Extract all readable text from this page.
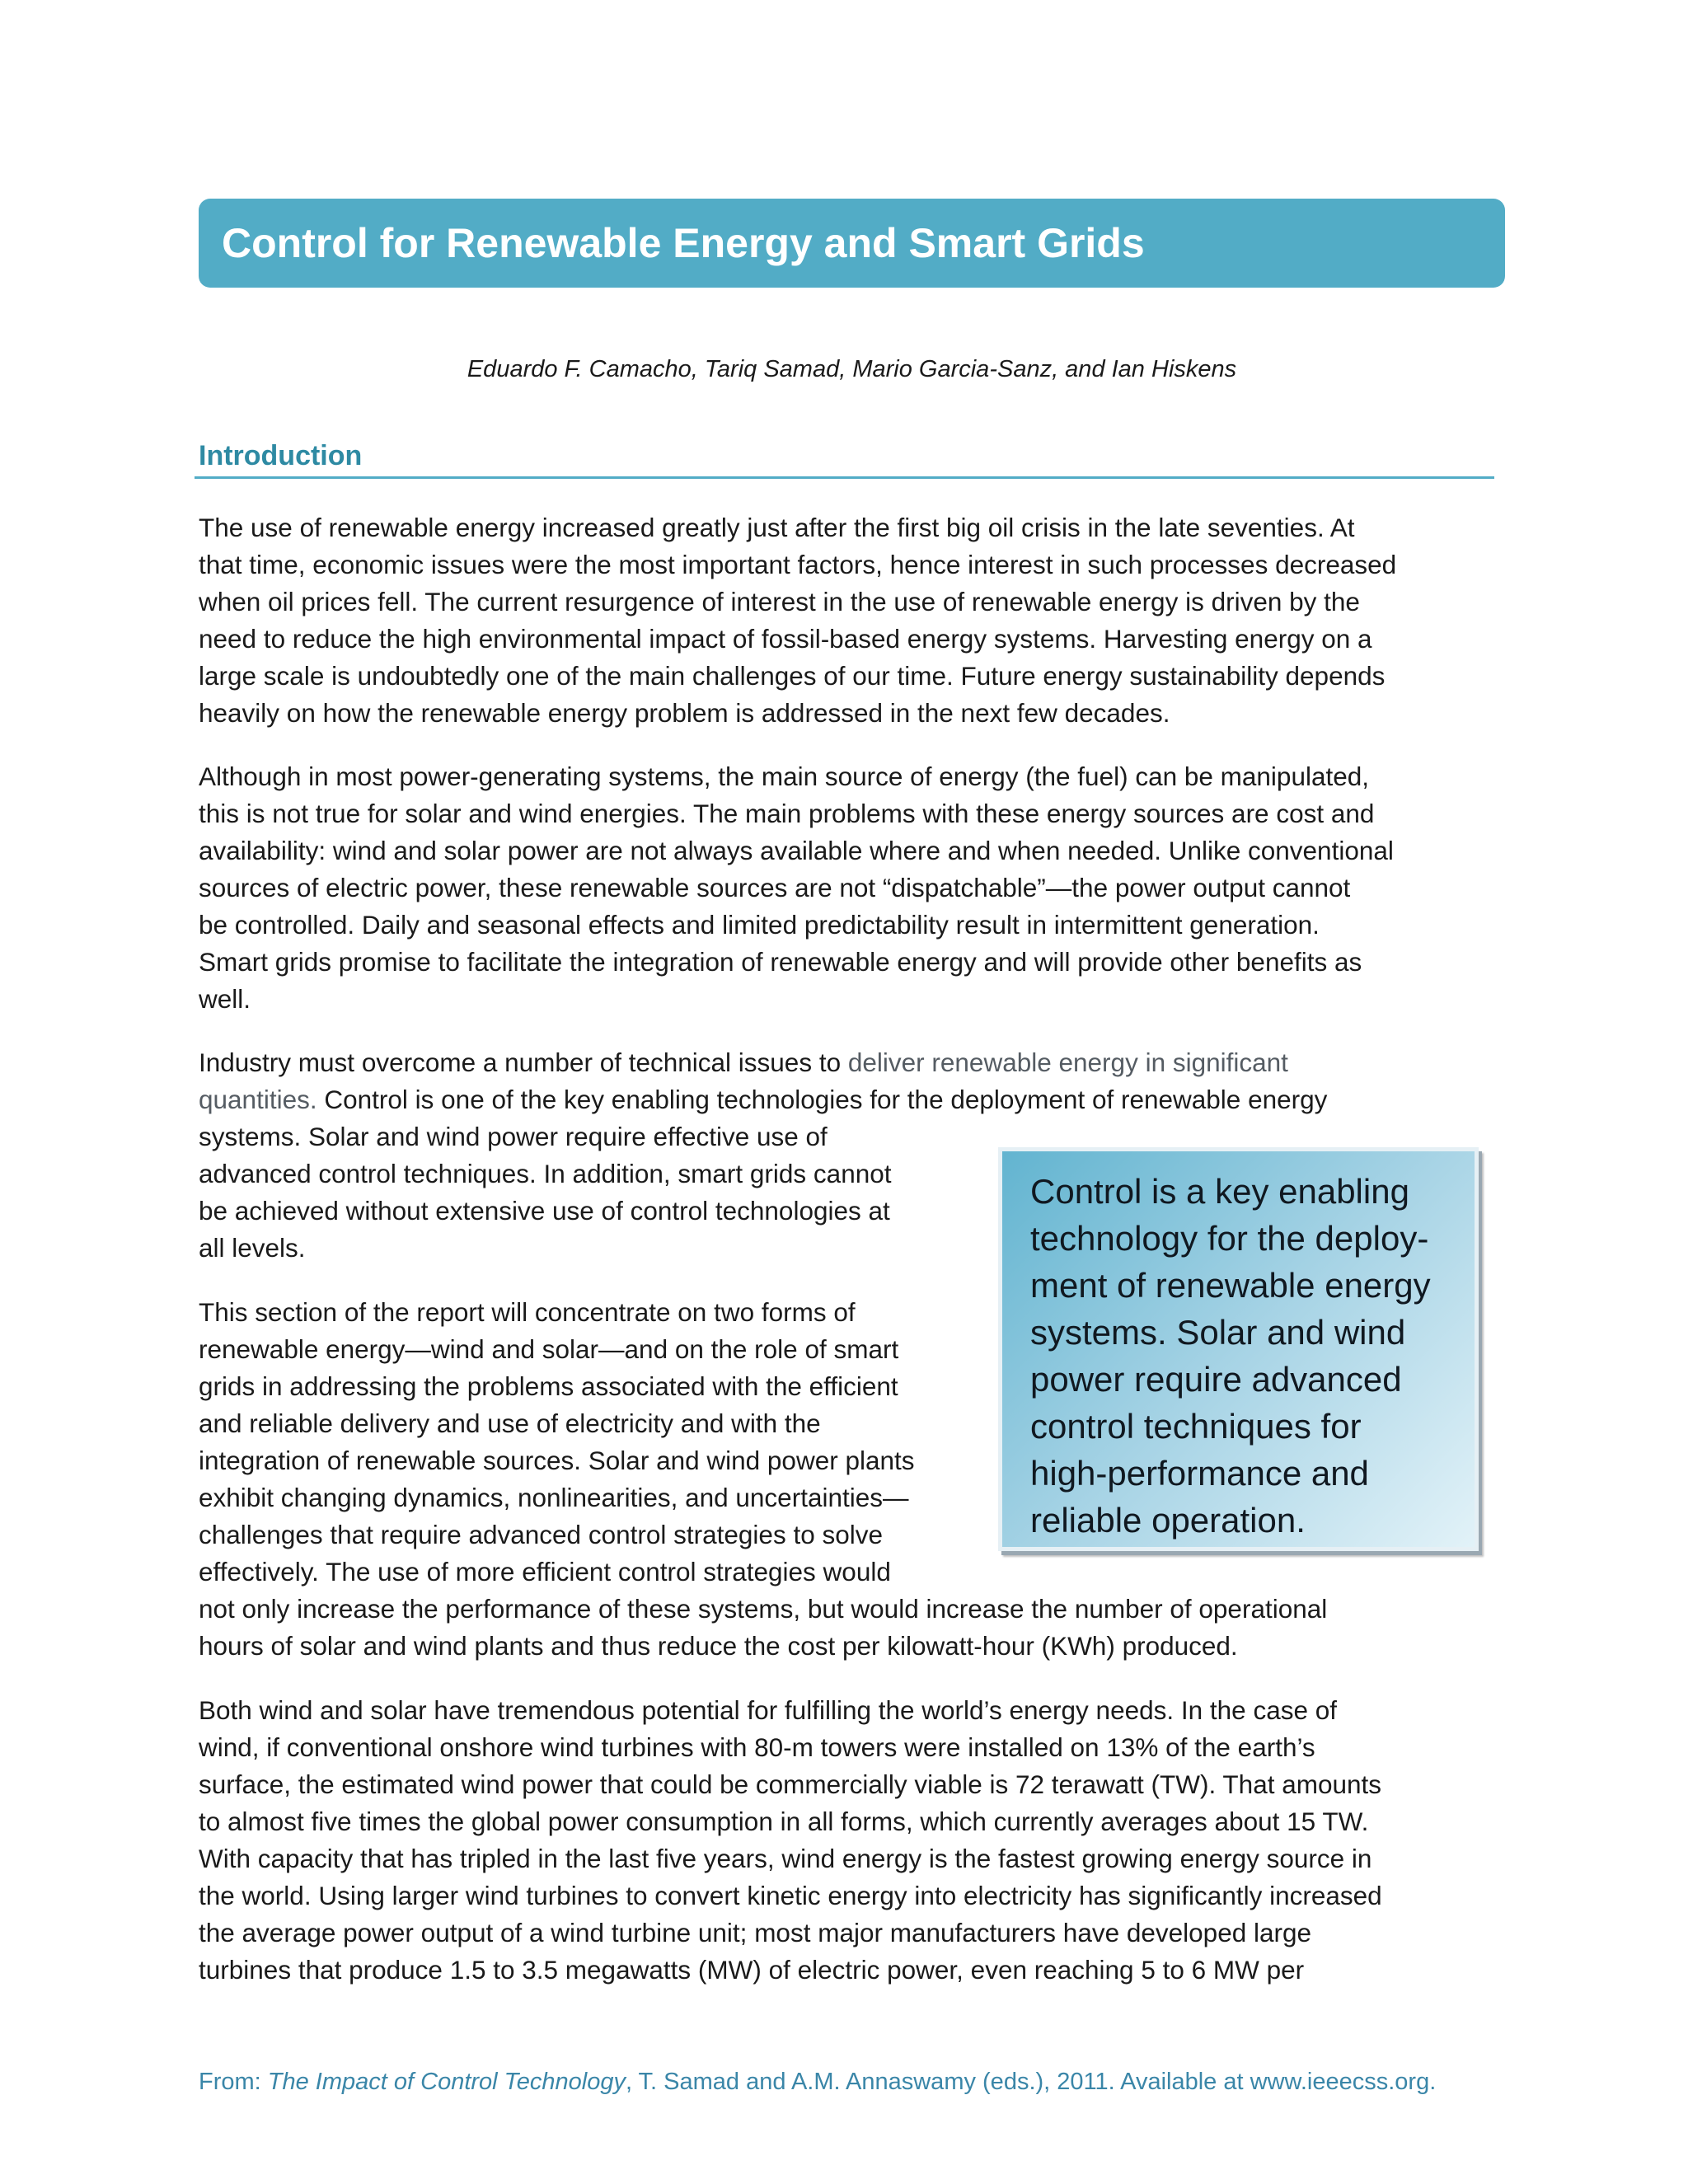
Control for Renewable Energy and Smart Grids
Eduardo F. Camacho, Tariq Samad, Mario Garcia-Sanz, and Ian Hiskens
Introduction

The use of renewable energy increased greatly just after the first big oil crisis in the late seventies. At
that time, economic issues were the most important factors, hence interest in such processes decreased
when oil prices fell. The current resurgence of interest in the use of renewable energy is driven by the
need to reduce the high environmental impact of fossil-based energy systems. Harvesting energy on a
large scale is undoubtedly one of the main challenges of our time. Future energy sustainability depends
heavily on how the renewable energy problem is addressed in the next few decades.

Although in most power-generating systems, the main source of energy (the fuel) can be manipulated,
this is not true for solar and wind energies. The main problems with these energy sources are cost and
availability: wind and solar power are not always available where and when needed. Unlike conventional
sources of electric power, these renewable sources are not “dispatchable”—the power output cannot
be controlled. Daily and seasonal effects and limited predictability result in intermittent generation.
Smart grids promise to facilitate the integration of renewable energy and will provide other benefits as
well.

Industry must overcome a number of technical issues to deliver renewable energy in significant
quantities. Control is one of the key enabling technologies for the deployment of renewable energy
systems. Solar and wind power require effective use of
advanced control techniques. In addition, smart grids cannot
be achieved without extensive use of control technologies at
all levels.

This section of the report will concentrate on two forms of
renewable energy—wind and solar—and on the role of smart
grids in addressing the problems associated with the efficient
and reliable delivery and use of electricity and with the
integration of renewable sources. Solar and wind power plants
exhibit changing dynamics, nonlinearities, and uncertainties—
challenges that require advanced control strategies to solve
effectively. The use of more efficient control strategies would
not only increase the performance of these systems, but would increase the number of operational
hours of solar and wind plants and thus reduce the cost per kilowatt-hour (KWh) produced.

Both wind and solar have tremendous potential for fulfilling the world’s energy needs. In the case of
wind, if conventional onshore wind turbines with 80-m towers were installed on 13% of the earth’s
surface, the estimated wind power that could be commercially viable is 72 terawatt (TW). That amounts
to almost five times the global power consumption in all forms, which currently averages about 15 TW.
With capacity that has tripled in the last five years, wind energy is the fastest growing energy source in
the world. Using larger wind turbines to convert kinetic energy into electricity has significantly increased
the average power output of a wind turbine unit; most major manufacturers have developed large
turbines that produce 1.5 to 3.5 megawatts (MW) of electric power, even reaching 5 to 6 MW per

Control is a key enabling
technology for the deploy-
ment of renewable energy
systems. Solar and wind
power require advanced
control techniques for
high-performance and
reliable operation.
From: The Impact of Control Technology, T. Samad and A.M. Annaswamy (eds.), 2011. Available at www.ieeecss.org.
